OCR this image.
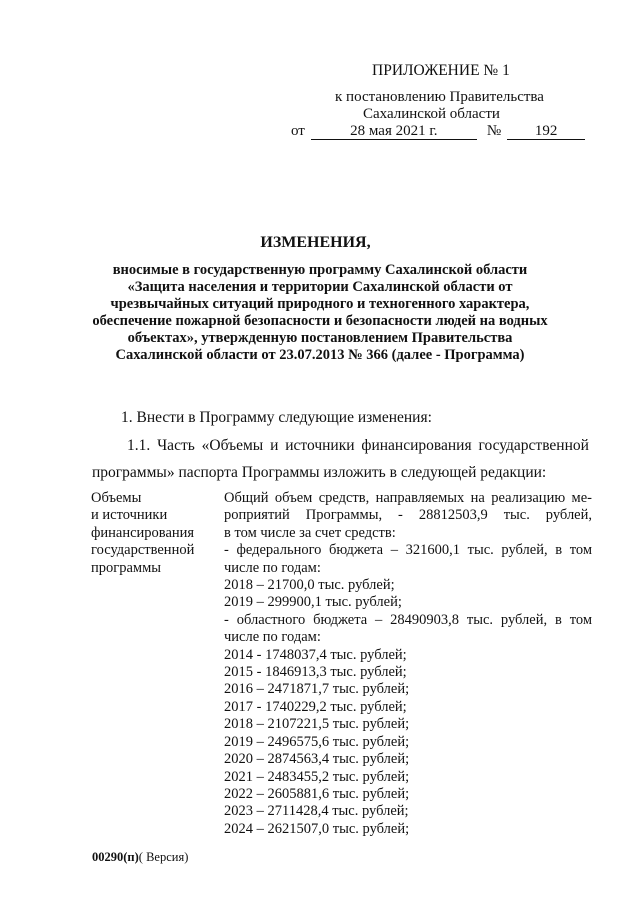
ПРИЛОЖЕНИЕ № 1
к постановлению Правительства
Сахалинской области
от	28 мая 2021 г.	№ 192
ИЗМЕНЕНИЯ,
вносимые в государственную программу Сахалинской области
«Защита населения и территории Сахалинской области от
чрезвычайных ситуаций природного и техногенного характера,
обеспечение пожарной безопасности и безопасности людей на водных
объектах», утвержденную постановлением Правительства
Сахалинской области от 23.07.2013 № 366 (далее - Программа)
1. Внести в Программу следующие изменения:
1.1. Часть «Объемы и источники финансирования государственной
программы» паспорта Программы изложить в следующей редакции:
Объемы
и источники
финансирования
государственной
программы
Общий объем средств, направляемых на реализацию ме-
роприятий Программы, - 28812503,9 тыс. рублей,
в том числе за счет средств:
- федерального бюджета – 321600,1 тыс. рублей, в том
числе по годам:
2018 – 21700,0 тыс. рублей;
2019 – 299900,1 тыс. рублей;
- областного бюджета – 28490903,8 тыс. рублей, в том
числе по годам:
2014 - 1748037,4 тыс. рублей;
2015 - 1846913,3 тыс. рублей;
2016 – 2471871,7 тыс. рублей;
2017 - 1740229,2 тыс. рублей;
2018 – 2107221,5 тыс. рублей;
2019 – 2496575,6 тыс. рублей;
2020 – 2874563,4 тыс. рублей;
2021 – 2483455,2 тыс. рублей;
2022 – 2605881,6 тыс. рублей;
2023 – 2711428,4 тыс. рублей;
2024 – 2621507,0 тыс. рублей;
00290(п)( Версия)
